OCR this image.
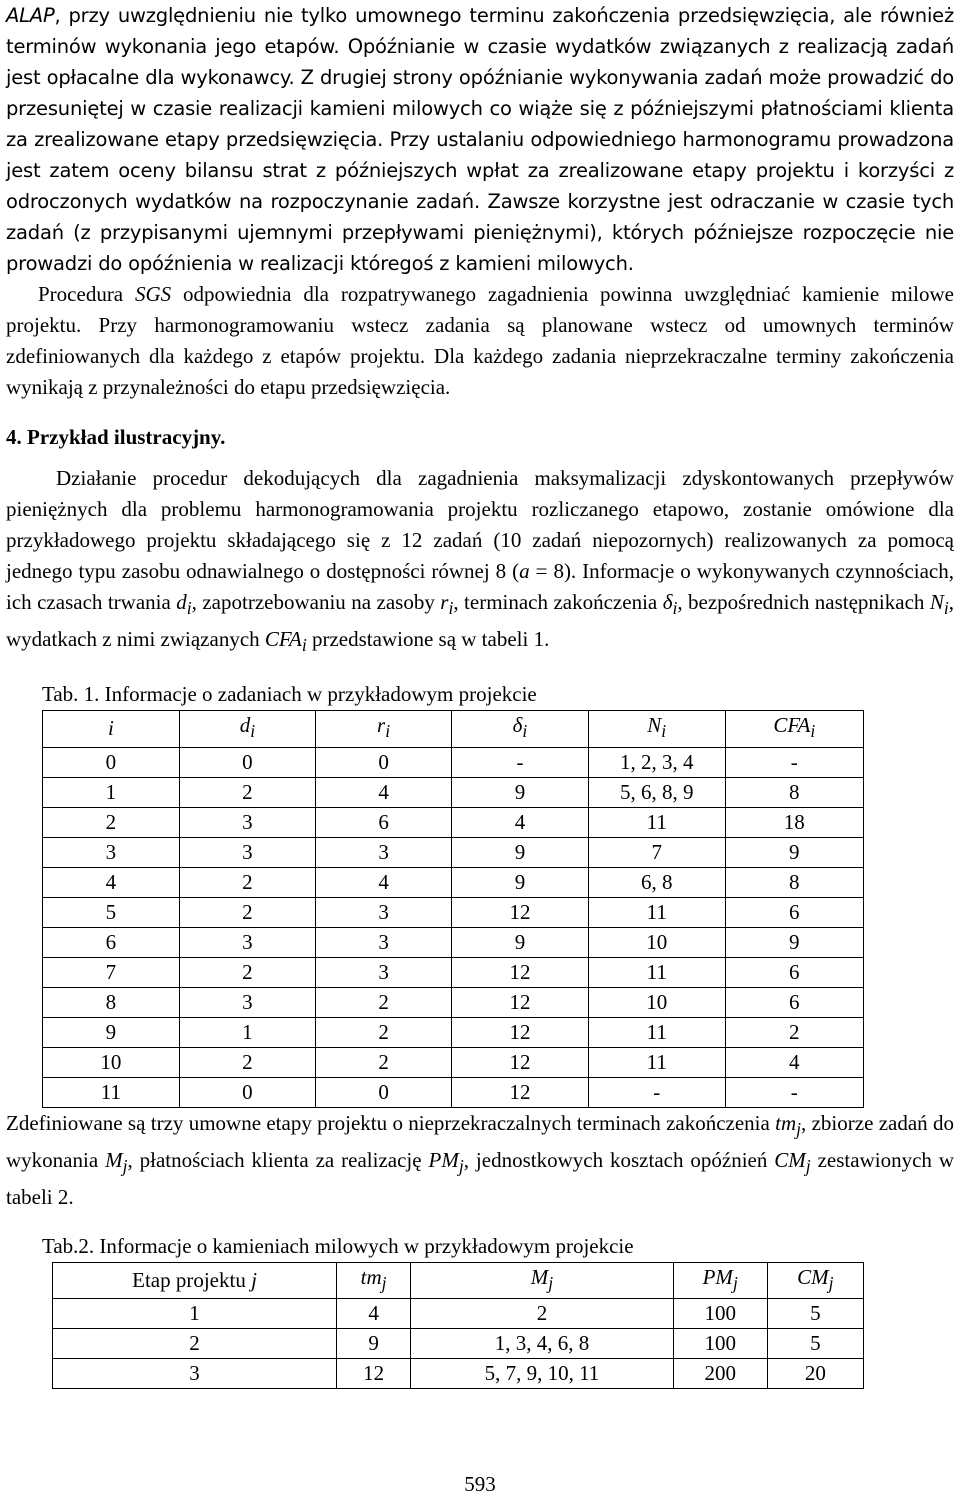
ALAP, przy uwzględnieniu nie tylko umownego terminu zakończenia przedsięwzięcia, ale również terminów wykonania jego etapów. Opóźnianie w czasie wydatków związanych z realizacją zadań jest opłacalne dla wykonawcy. Z drugiej strony opóźnianie wykonywania zadań może prowadzić do przesuniętej w czasie realizacji kamieni milowych co wiąże się z późniejszymi płatnościami klienta za zrealizowane etapy przedsięwzięcia. Przy ustalaniu odpowiedniego harmonogramu prowadzona jest zatem oceny bilansu strat z późniejszych wpłat za zrealizowane etapy projektu i korzyści z odroczonych wydatków na rozpoczynanie zadań. Zawsze korzystne jest odraczanie w czasie tych zadań (z przypisanymi ujemnymi przepływami pieniężnymi), których późniejsze rozpoczęcie nie prowadzi do opóźnienia w realizacji któregoś z kamieni milowych.

Procedura SGS odpowiednia dla rozpatrywanego zagadnienia powinna uwzględniać kamienie milowe projektu. Przy harmonogramowaniu wstecz zadania są planowane wstecz od umownych terminów zdefiniowanych dla każdego z etapów projektu. Dla każdego zadania nieprzekraczalne terminy zakończenia wynikają z przynależności do etapu przedsięwzięcia.

4. Przykład ilustracyjny.

Działanie procedur dekodujących dla zagadnienia maksymalizacji zdyskontowanych przepływów pieniężnych dla problemu harmonogramowania projektu rozliczanego etapowo, zostanie omówione dla przykładowego projektu składającego się z 12 zadań (10 zadań niepozornych) realizowanych za pomocą jednego typu zasobu odnawialnego o dostępności równej 8 (a = 8). Informacje o wykonywanych czynnościach, ich czasach trwania $d_i$, zapotrzebowaniu na zasoby $r_i$, terminach zakończenia $\delta_i$, bezpośrednich następnikach $N_i$, wydatkach z nimi związanych $CFA_i$ przedstawione są w tabeli 1.

Tab. 1. Informacje o zadaniach w przykładowym projekcie
i	$d_i$	$r_i$	$\delta_i$	$N_i$	$CFA_i$
0	0	0	-	1, 2, 3, 4	-
1	2	4	9	5, 6, 8, 9	8
2	3	6	4	11	18
3	3	3	9	7	9
4	2	4	9	6, 8	8
5	2	3	12	11	6
6	3	3	9	10	9
7	2	3	12	11	6
8	3	2	12	10	6
9	1	2	12	11	2
10	2	2	12	11	4
11	0	0	12	-	-

Zdefiniowane są trzy umowne etapy projektu o nieprzekraczalnych terminach zakończenia $tm_j$, zbiorze zadań do wykonania $M_j$, płatnościach klienta za realizację $PM_j$, jednostkowych kosztach opóźnień $CM_j$ zestawionych w tabeli 2.

Tab.2. Informacje o kamieniach milowych w przykładowym projekcie
Etap projektu j	$tm_j$	$M_j$	$PM_j$	$CM_j$
1	4	2	100	5
2	9	1, 3, 4, 6, 8	100	5
3	12	5, 7, 9, 10, 11	200	20
593
